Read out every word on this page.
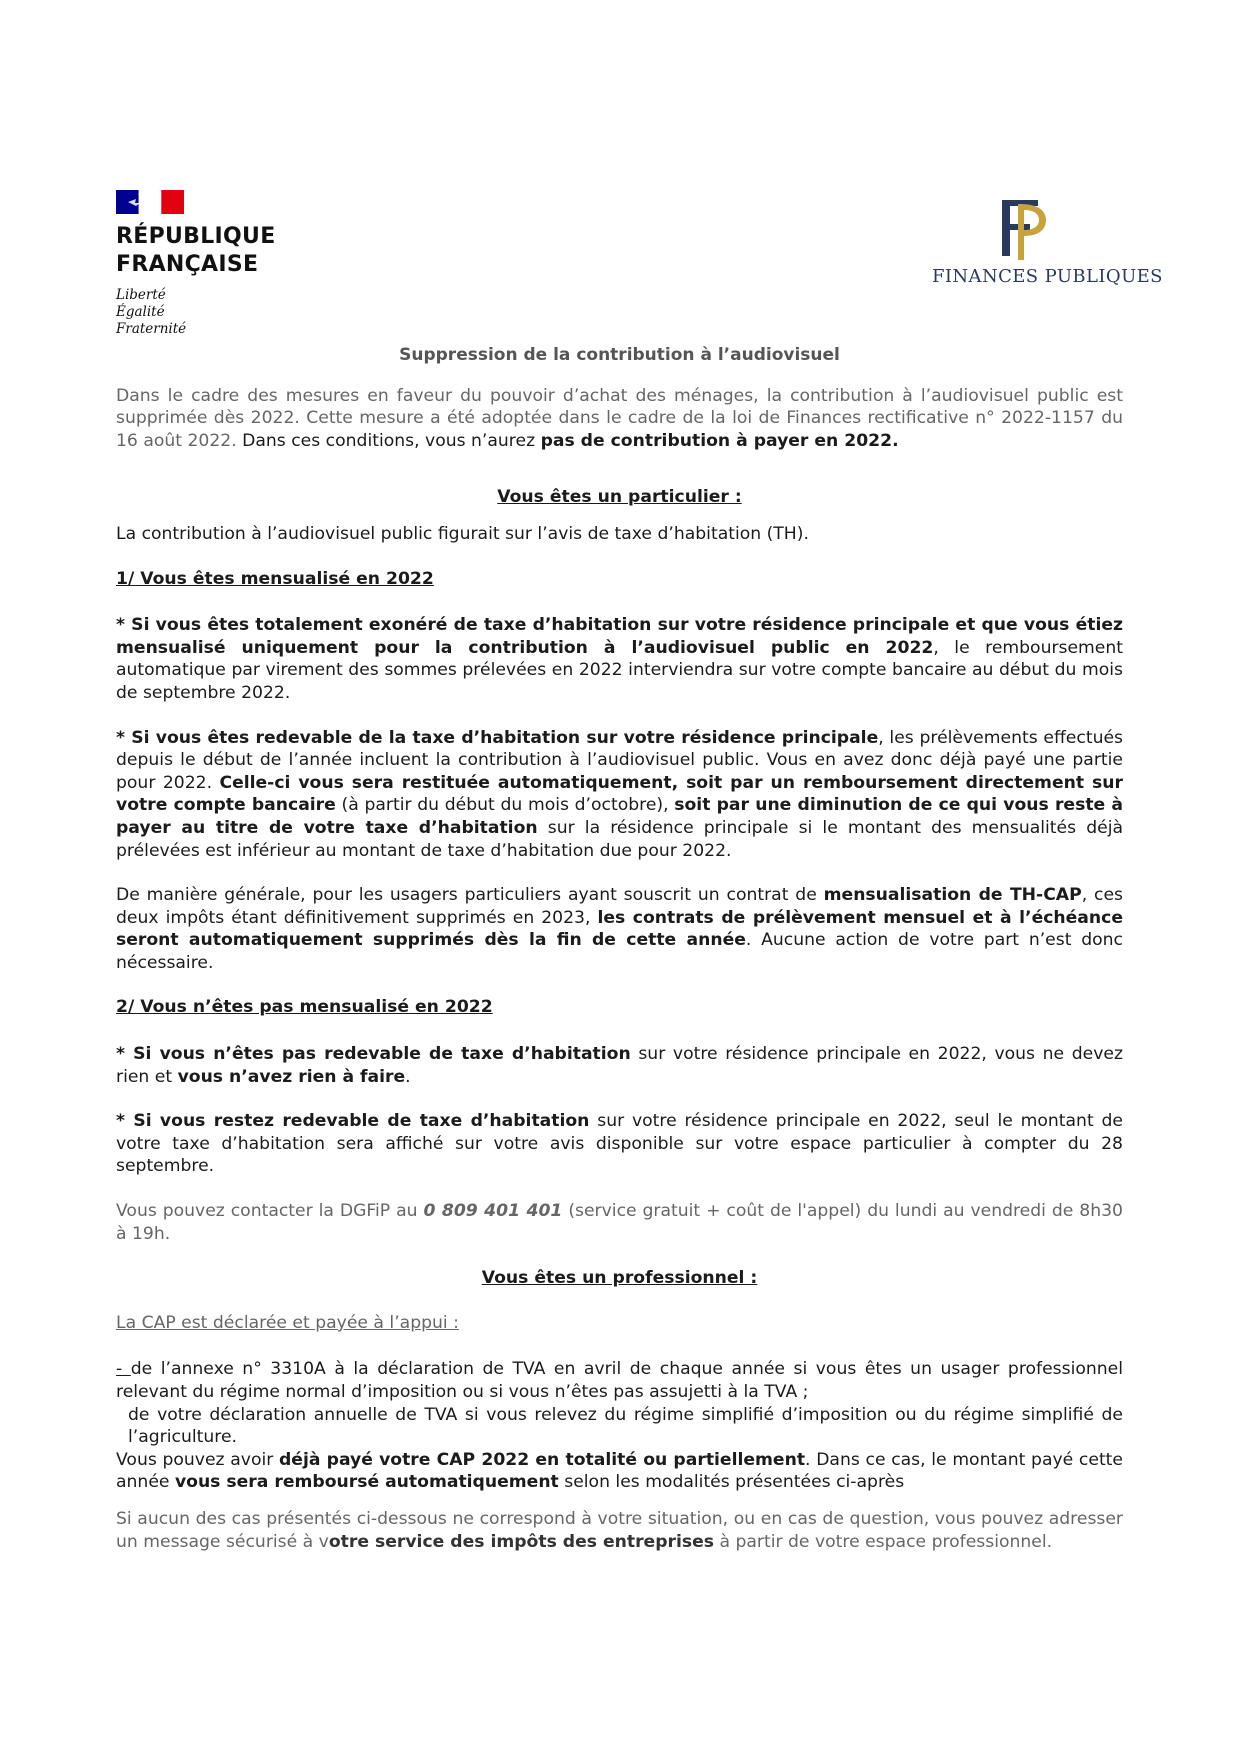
RÉPUBLIQUE
FRANÇAISE
Liberté
Égalité
Fraternité
FINANCES PUBLIQUES
Suppression de la contribution à l’audiovisuel

Dans le cadre des mesures en faveur du pouvoir d’achat des ménages, la contribution à l’audiovisuel public est supprimée dès 2022. Cette mesure a été adoptée dans le cadre de la loi de Finances rectificative n° 2022-1157 du 16 août 2022. Dans ces conditions, vous n’aurez pas de contribution à payer en 2022.

Vous êtes un particulier :

La contribution à l’audiovisuel public figurait sur l’avis de taxe d’habitation (TH).

1/ Vous êtes mensualisé en 2022

* Si vous êtes totalement exonéré de taxe d’habitation sur votre résidence principale et que vous étiez mensualisé uniquement pour la contribution à l’audiovisuel public en 2022, le remboursement automatique par virement des sommes prélevées en 2022 interviendra sur votre compte bancaire au début du mois de septembre 2022.

* Si vous êtes redevable de la taxe d’habitation sur votre résidence principale, les prélèvements effectués depuis le début de l’année incluent la contribution à l’audiovisuel public. Vous en avez donc déjà payé une partie pour 2022. Celle-ci vous sera restituée automatiquement, soit par un remboursement directement sur votre compte bancaire (à partir du début du mois d’octobre), soit par une diminution de ce qui vous reste à payer au titre de votre taxe d’habitation sur la résidence principale si le montant des mensualités déjà prélevées est inférieur au montant de taxe d’habitation due pour 2022.

De manière générale, pour les usagers particuliers ayant souscrit un contrat de mensualisation de TH-CAP, ces deux impôts étant définitivement supprimés en 2023, les contrats de prélèvement mensuel et à l’échéance seront automatiquement supprimés dès la fin de cette année. Aucune action de votre part n’est donc nécessaire.

2/ Vous n’êtes pas mensualisé en 2022

* Si vous n’êtes pas redevable de taxe d’habitation sur votre résidence principale en 2022, vous ne devez rien et vous n’avez rien à faire.

* Si vous restez redevable de taxe d’habitation sur votre résidence principale en 2022, seul le montant de votre taxe d’habitation sera affiché sur votre avis disponible sur votre espace particulier à compter du 28 septembre.

Vous pouvez contacter la DGFiP au 0 809 401 401 (service gratuit + coût de l'appel) du lundi au vendredi de 8h30 à 19h.

Vous êtes un professionnel :

La CAP est déclarée et payée à l’appui :

- de l’annexe n° 3310A à la déclaration de TVA en avril de chaque année si vous êtes un usager professionnel relevant du régime normal d’imposition ou si vous n’êtes pas assujetti à la TVA ;

de votre déclaration annuelle de TVA si vous relevez du régime simplifié d’imposition ou du régime simplifié de l’agriculture.

Vous pouvez avoir déjà payé votre CAP 2022 en totalité ou partiellement. Dans ce cas, le montant payé cette année vous sera remboursé automatiquement selon les modalités présentées ci-après

Si aucun des cas présentés ci-dessous ne correspond à votre situation, ou en cas de question, vous pouvez adresser un message sécurisé à votre service des impôts des entreprises à partir de votre espace professionnel.
